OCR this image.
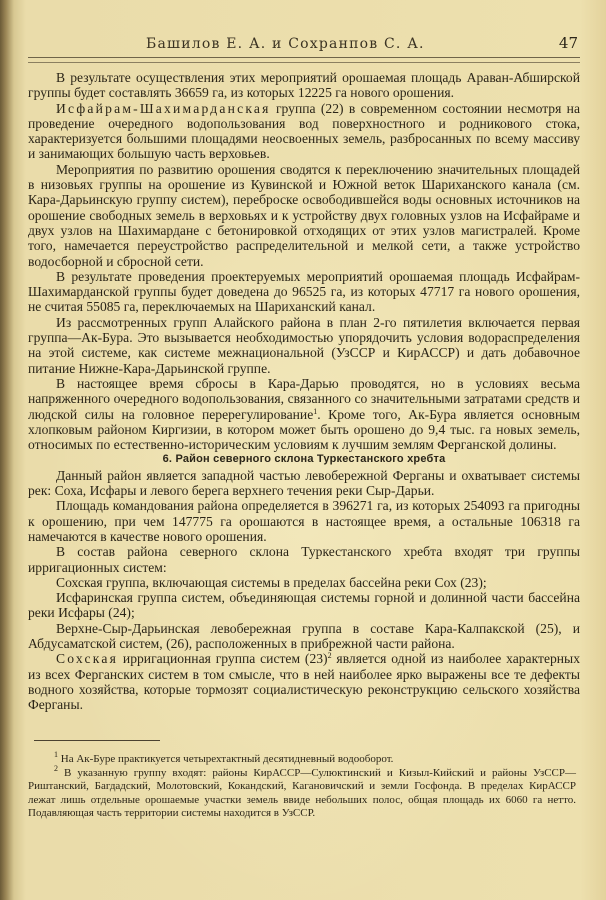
Башилов Е. А. и Сохранпов С. А.	47

В результате осуществления этих мероприятий орошаемая площадь Араван-Абширской группы будет составлять 36659 га, из которых 12225 га нового орошения.

Исфайрам-Шахимарданская группа (22) в современном состоянии несмотря на проведение очередного водопользования вод поверхностного и родникового стока, характеризуется большими площадями неосвоенных земель, разбросанных по всему массиву и занимающих большую часть верховьев.

Мероприятия по развитию орошения сводятся к переключению значительных площадей в низовьях группы на орошение из Кувинской и Южной веток Шариханского канала (см. Кара-Дарьинскую группу систем), переброске освободившейся воды основных источников на орошение свободных земель в верховьях и к устройству двух головных узлов на Исфайраме и двух узлов на Шахимардане с бетонировкой отходящих от этих узлов магистралей. Кроме того, намечается переустройство распределительной и мелкой сети, а также устройство водосборной и сбросной сети.

В результате проведения проектеруемых мероприятий орошаемая площадь Исфайрам-Шахимарданской группы будет доведена до 96525 га, из которых 47717 га нового орошения, не считая 55085 га, переключаемых на Шариханский канал.

Из рассмотренных групп Алайского района в план 2-го пятилетия включается первая группа—Ак-Бура. Это вызывается необходимостью упорядочить условия водораспределения на этой системе, как системе межнациональной (УзССР и КирАССР) и дать добавочное питание Нижне-Кара-Дарьинской группе.

В настоящее время сбросы в Кара-Дарью проводятся, но в условиях весьма напряженного очередного водопользования, связанного со значительными затратами средств и людской силы на головное перерегулирование$^1$. Кроме того, Ак-Бура является основным хлопковым районом Киргизии, в котором может быть орошено до 9,4 тыс. га новых земель, относимых по естественно-историческим условиям к лучшим землям Ферганской долины.

6. Район северного склона Туркестанского хребта

Данный район является западной частью левобережной Ферганы и охватывает системы рек: Соха, Исфары и левого берега верхнего течения реки Сыр-Дарьи.

Площадь командования района определяется в 396271 га, из которых 254093 га пригодны к орошению, при чем 147775 га орошаются в настоящее время, а остальные 106318 га намечаются в качестве нового орошения.

В состав района северного склона Туркестанского хребта входят три группы ирригационных систем:

Сохская группа, включающая системы в пределах бассейна реки Сох (23);

Исфаринская группа систем, объединяющая системы горной и долинной части бассейна реки Исфары (24);

Верхне-Сыр-Дарьинская левобережная группа в составе Кара-Калпакской (25), и Абдусаматской систем, (26), расположенных в прибрежной части района.

Сохская ирригационная группа систем $(23)^2$ является одной из наиболее характерных из всех Ферганских систем в том смысле, что в ней наиболее ярко выражены все те дефекты водного хозяйства, которые тормозят социалистическую реконструкцию сельского хозяйства Ферганы.

$^1$ На Ак-Буре практикуется четырехтактный десятидневный водооборот.

$^2$ В указанную группу входят: районы КирАССР—Сулюктинский и Кизыл-Кийский и районы УзССР—Риштанский, Багдадский, Молотовский, Кокандский, Кагановичский и земли Госфонда. В пределах КирАССР лежат лишь отдельные орошаемые участки земель ввиде небольших полос, общая площадь их 6060 га нетто. Подавляющая часть территории системы находится в УзССР.
